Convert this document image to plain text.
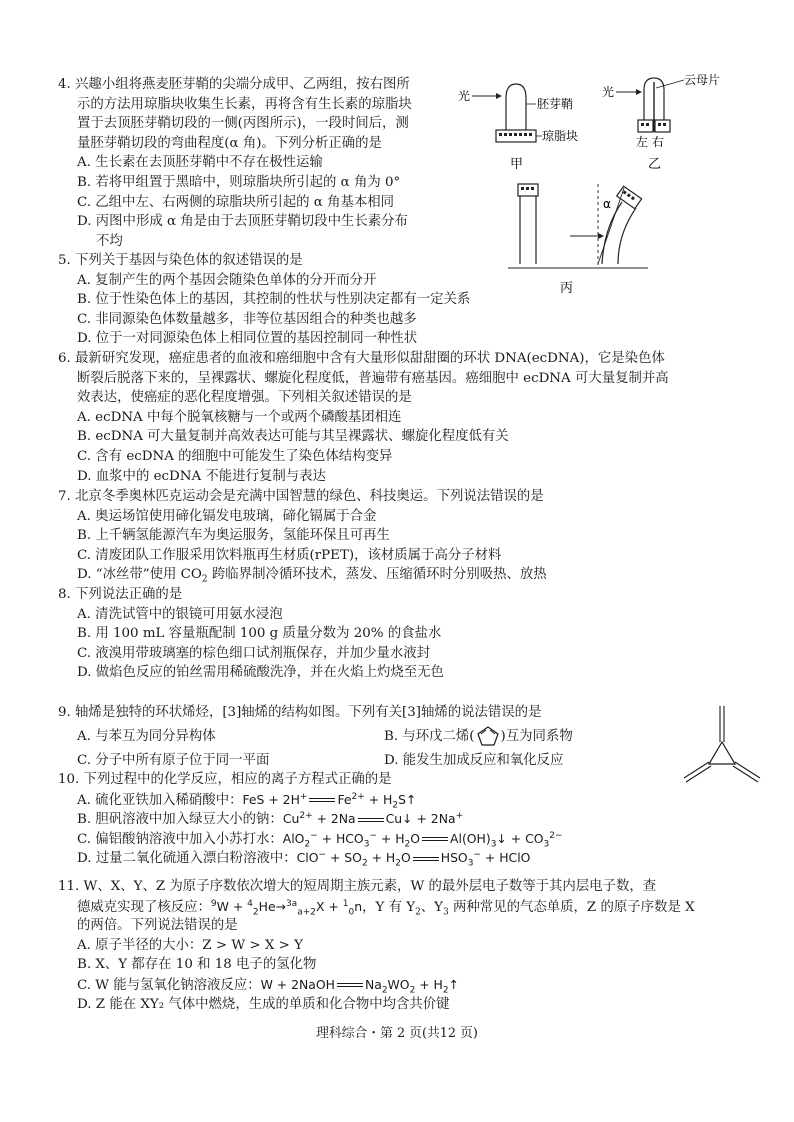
4. 兴趣小组将燕麦胚芽鞘的尖端分成甲、乙两组，按右图所
示的方法用琼脂块收集生长素，再将含有生长素的琼脂块
置于去顶胚芽鞘切段的一侧(丙图所示)，一段时间后，测
量胚芽鞘切段的弯曲程度(α 角)。下列分析正确的是
A. 生长素在去顶胚芽鞘中不存在极性运输
B. 若将甲组置于黑暗中，则琼脂块所引起的 α 角为 0°
C. 乙组中左、右两侧的琼脂块所引起的 α 角基本相同
D. 丙图中形成 α 角是由于去顶胚芽鞘切段中生长素分布
不均
光
胚芽鞘
琼脂块
甲
光
云母片
左 右
乙
α
丙
5. 下列关于基因与染色体的叙述错误的是
A. 复制产生的两个基因会随染色单体的分开而分开
B. 位于性染色体上的基因，其控制的性状与性别决定都有一定关系
C. 非同源染色体数量越多，非等位基因组合的种类也越多
D. 位于一对同源染色体上相同位置的基因控制同一种性状
6. 最新研究发现，癌症患者的血液和癌细胞中含有大量形似甜甜圈的环状 DNA(ecDNA)，它是染色体
断裂后脱落下来的，呈裸露状、螺旋化程度低，普遍带有癌基因。癌细胞中 ecDNA 可大量复制并高
效表达，使癌症的恶化程度增强。下列相关叙述错误的是
A. ecDNA 中每个脱氧核糖与一个或两个磷酸基团相连
B. ecDNA 可大量复制并高效表达可能与其呈裸露状、螺旋化程度低有关
C. 含有 ecDNA 的细胞中可能发生了染色体结构变异
D. 血浆中的 ecDNA 不能进行复制与表达
7. 北京冬季奥林匹克运动会是充满中国智慧的绿色、科技奥运。下列说法错误的是
A. 奥运场馆使用碲化镉发电玻璃，碲化镉属于合金
B. 上千辆氢能源汽车为奥运服务，氢能环保且可再生
C. 清废团队工作服采用饮料瓶再生材质(rPET)，该材质属于高分子材料
D. “冰丝带”使用 $CO_2$ 跨临界制冷循环技术，蒸发、压缩循环时分别吸热、放热
8. 下列说法正确的是
A. 清洗试管中的银镜可用氨水浸泡
B. 用 100 mL 容量瓶配制 100 g 质量分数为 20% 的食盐水
C. 液溴用带玻璃塞的棕色细口试剂瓶保存，并加少量水液封
D. 做焰色反应的铂丝需用稀硫酸洗净，并在火焰上灼烧至无色
9. 轴烯是独特的环状烯烃，[3]轴烯的结构如图。下列有关[3]轴烯的说法错误的是
A. 与苯互为同分异构体	B. 与环戊二烯( )互为同系物
C. 分子中所有原子位于同一平面	D. 能发生加成反应和氧化反应
10. 下列过程中的化学反应，相应的离子方程式正确的是
A. 硫化亚铁加入稀硝酸中：FeS + 2H+ $Fe^{2+}$ + $H_2S↑$
B. 胆矾溶液中加入绿豆大小的钠：$Cu^{2+} + 2Na$ Cu↓ + 2Na+
C. 偏铝酸钠溶液中加入小苏打水：$AlO_2^- + HCO_3^- + H_2O$ $Al(OH)_3↓ + CO_3^{2-}$
D. 过量二氧化硫通入漂白粉溶液中：$ClO^- + SO_2 + H_2O$ $HSO_3^-$ + HClO
11. W、X、Y、Z 为原子序数依次增大的短周期主族元素，W 的最外层电子数等于其内层电子数，查
德威克实现了核反应：$^9$W + $^4_2$He→$^{3a}_{a+2}$X + $^1_0$n，Y 有 $Y_2$、$Y_3$ 两种常见的气态单质，Z 的原子序数是 X
的两倍。下列说法错误的是
A. 原子半径的大小：Z > W > X > Y
B. X、Y 都存在 10 和 18 电子的氢化物
C. W 能与氢氧化钠溶液反应：W + 2NaOH $Na_2WO_2$ + $H_2↑$
D. Z 能在 XY₂ 气体中燃烧，生成的单质和化合物中均含共价键
理科综合・第 2 页(共12 页)
